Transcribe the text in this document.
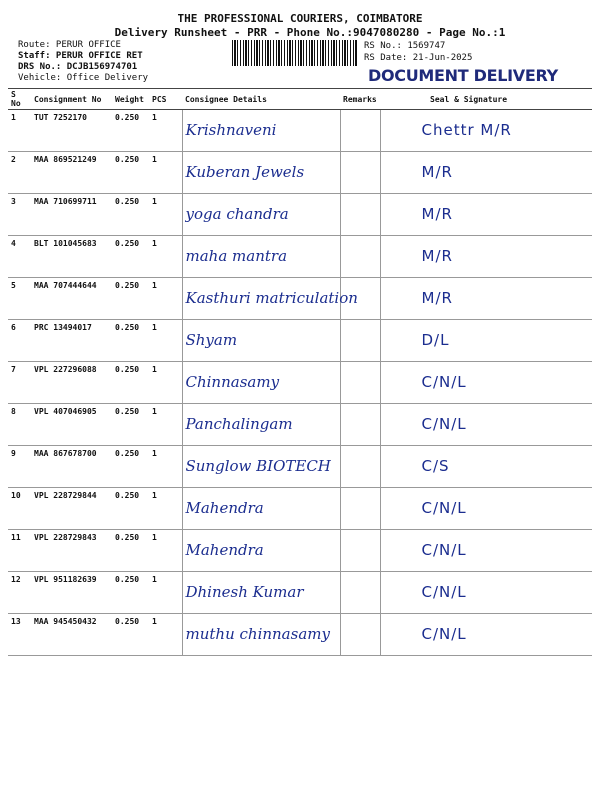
THE PROFESSIONAL COURIERS, COIMBATORE
Delivery Runsheet - PRR - Phone No.:9047080280 - Page No.:1
Route: PERUR OFFICE
Staff: PERUR OFFICE RET
DRS No.: DCJB156974701
Vehicle: Office Delivery
RS No.: 1569747
RS Date: 21-Jun-2025
DOCUMENT DELIVERY
S No	Consignment No	Weight	PCS	Consignee Details	Remarks	Seal & Signature
1	TUT 7252170	0.250	1	Krishnaveni		Chettr M/R

2	MAA 869521249	0.250	1	Kuberan Jewels		M/R

3	MAA 710699711	0.250	1	yoga chandra		M/R

4	BLT 101045683	0.250	1	maha mantra		M/R

5	MAA 707444644	0.250	1	Kasthuri matriculation		M/R

6	PRC 13494017	0.250	1	Shyam		D/L

7	VPL 227296088	0.250	1	Chinnasamy		C/N/L

8	VPL 407046905	0.250	1	Panchalingam		C/N/L

9	MAA 867678700	0.250	1	Sunglow BIOTECH		C/S

10	VPL 228729844	0.250	1	Mahendra		C/N/L

11	VPL 228729843	0.250	1	Mahendra		C/N/L

12	VPL 951182639	0.250	1	Dhinesh Kumar		C/N/L

13	MAA 945450432	0.250	1	muthu chinnasamy		C/N/L
